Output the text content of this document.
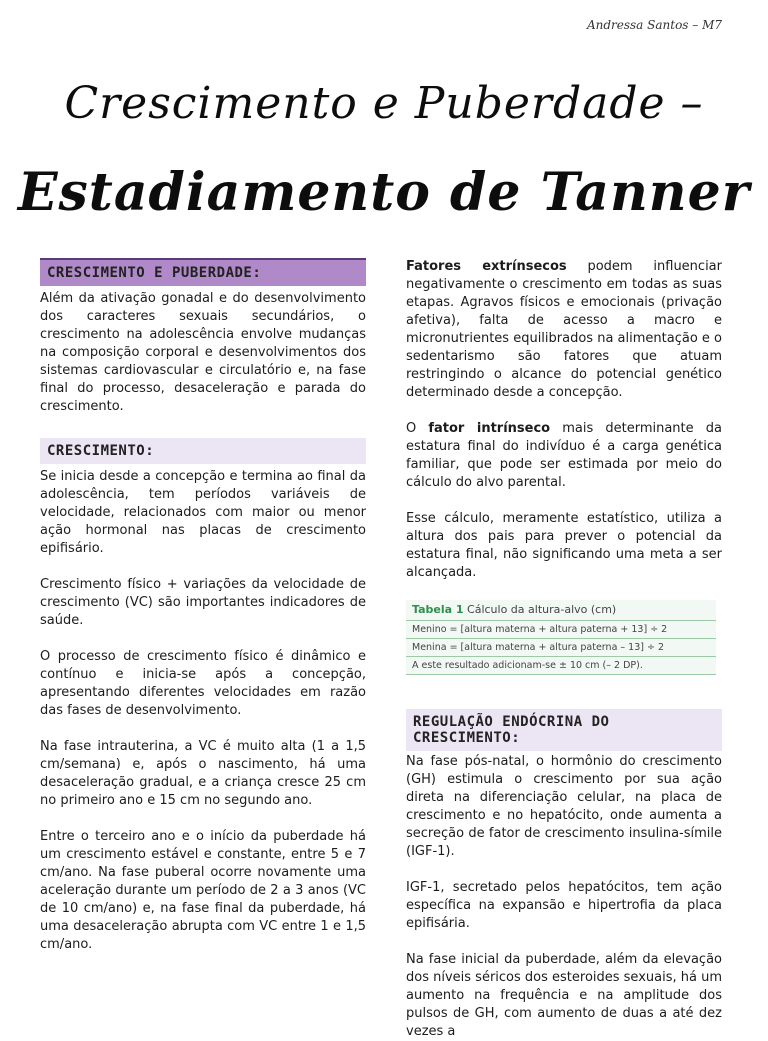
Andressa Santos – M7
Crescimento e Puberdade –
Estadiamento de Tanner
CRESCIMENTO E PUBERDADE:

Além da ativação gonadal e do desenvolvimento dos caracteres sexuais secundários, o crescimento na adolescência envolve mudanças na composição corporal e desenvolvimentos dos sistemas cardiovascular e circulatório e, na fase final do processo, desaceleração e parada do crescimento.

CRESCIMENTO:

Se inicia desde a concepção e termina ao final da adolescência, tem períodos variáveis de velocidade, relacionados com maior ou menor ação hormonal nas placas de crescimento epifisário.

Crescimento físico + variações da velocidade de crescimento (VC) são importantes indicadores de saúde.

O processo de crescimento físico é dinâmico e contínuo e inicia-se após a concepção, apresentando diferentes velocidades em razão das fases de desenvolvimento.

Na fase intrauterina, a VC é muito alta (1 a 1,5 cm/semana) e, após o nascimento, há uma desaceleração gradual, e a criança cresce 25 cm no primeiro ano e 15 cm no segundo ano.

Entre o terceiro ano e o início da puberdade há um crescimento estável e constante, entre 5 e 7 cm/ano. Na fase puberal ocorre novamente uma aceleração durante um período de 2 a 3 anos (VC de 10 cm/ano) e, na fase final da puberdade, há uma desaceleração abrupta com VC entre 1 e 1,5 cm/ano.

Fatores extrínsecos podem influenciar negativamente o crescimento em todas as suas etapas. Agravos físicos e emocionais (privação afetiva), falta de acesso a macro e micronutrientes equilibrados na alimentação e o sedentarismo são fatores que atuam restringindo o alcance do potencial genético determinado desde a concepção.

O fator intrínseco mais determinante da estatura final do indivíduo é a carga genética familiar, que pode ser estimada por meio do cálculo do alvo parental.

Esse cálculo, meramente estatístico, utiliza a altura dos pais para prever o potencial da estatura final, não significando uma meta a ser alcançada.

Tabela 1 Cálculo da altura-alvo (cm)
Menino = [altura materna + altura paterna + 13] ÷ 2
Menina = [altura materna + altura paterna – 13] ÷ 2
A este resultado adicionam-se ± 10 cm (– 2 DP).
REGULAÇÃO ENDÓCRINA DO CRESCIMENTO:

Na fase pós-natal, o hormônio do crescimento (GH) estimula o crescimento por sua ação direta na diferenciação celular, na placa de crescimento e no hepatócito, onde aumenta a secreção de fator de crescimento insulina-símile (IGF-1).

IGF-1, secretado pelos hepatócitos, tem ação específica na expansão e hipertrofia da placa epifisária.

Na fase inicial da puberdade, além da elevação dos níveis séricos dos esteroides sexuais, há um aumento na frequência e na amplitude dos pulsos de GH, com aumento de duas a até dez vezes a
